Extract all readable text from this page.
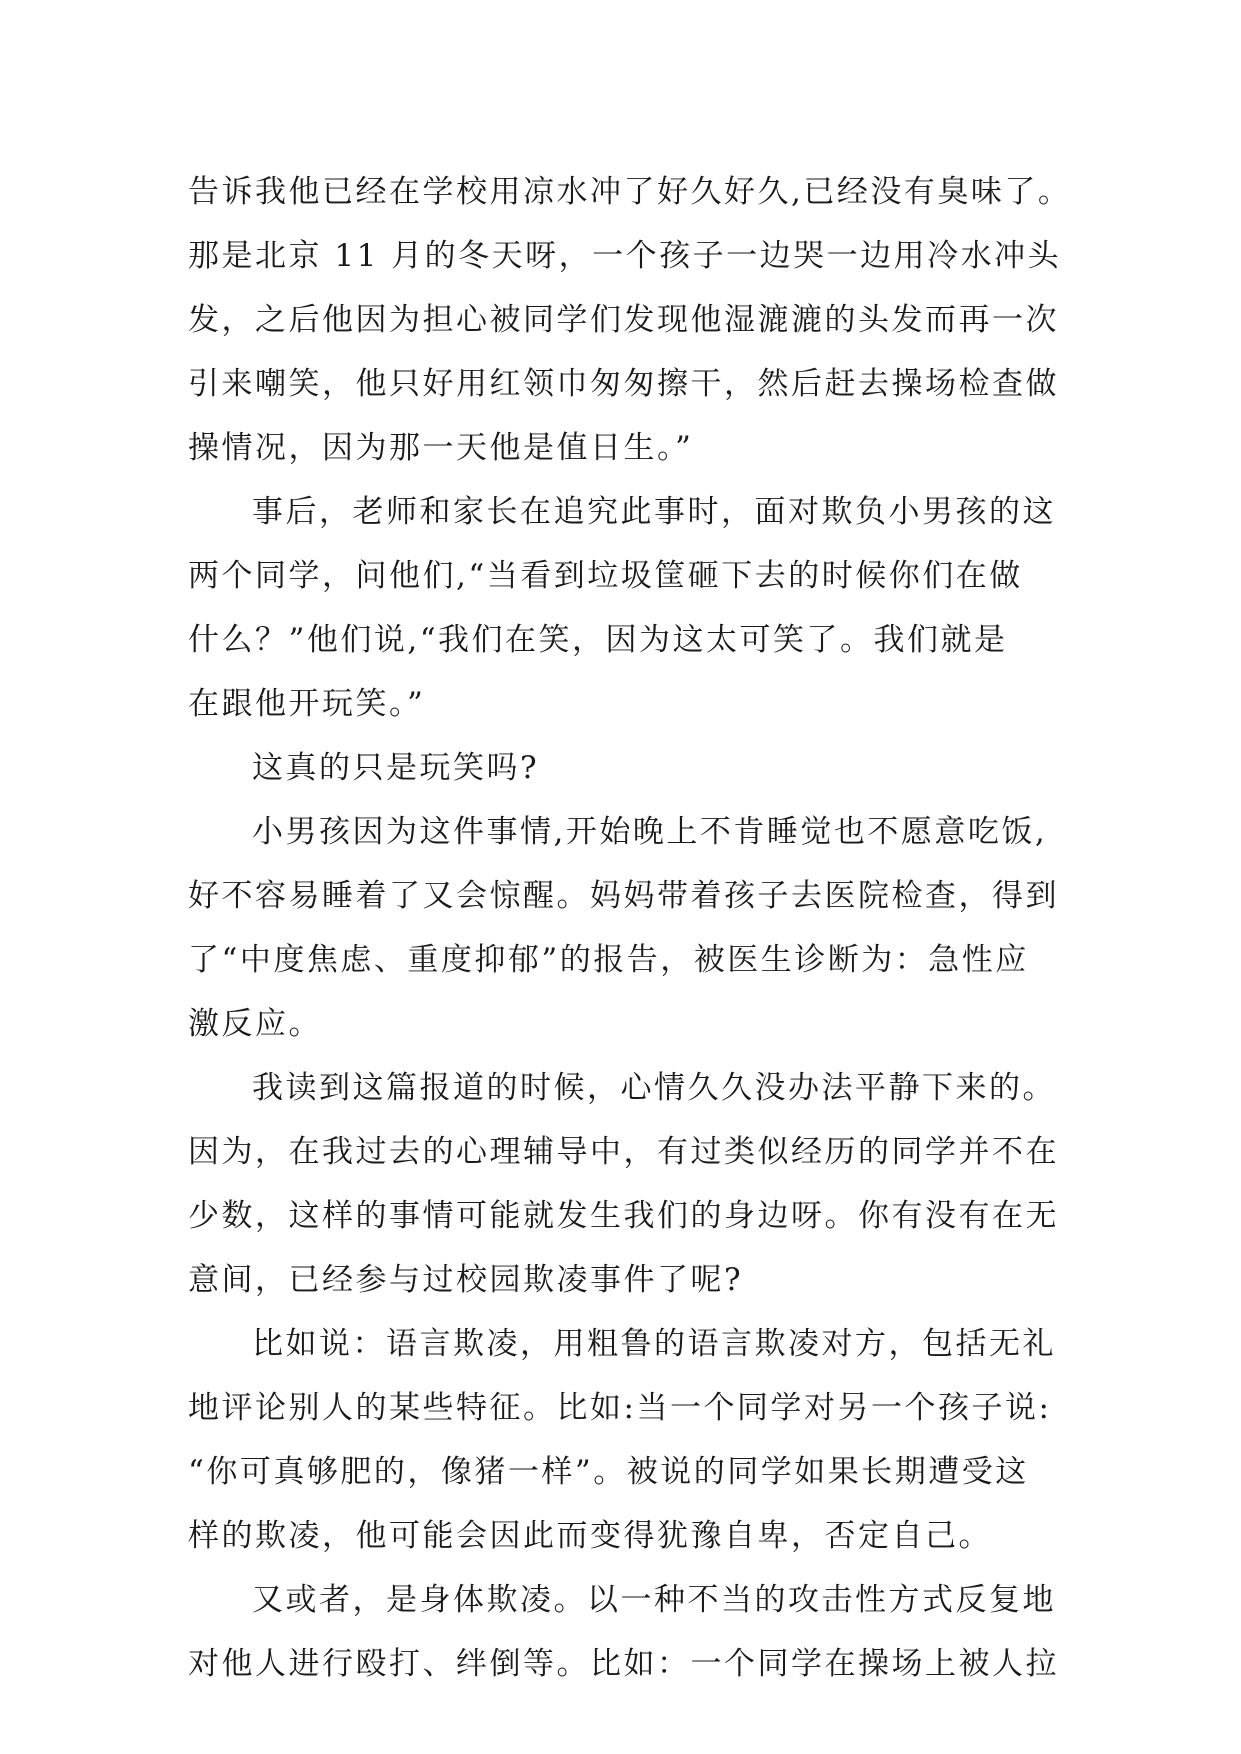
告诉我他已经在学校用凉水冲了好久好久,已经没有臭味了。
那是北京 11 月的冬天呀，一个孩子一边哭一边用冷水冲头
发，之后他因为担心被同学们发现他湿漉漉的头发而再一次
引来嘲笑，他只好用红领巾匆匆擦干，然后赶去操场检查做
操情况，因为那一天他是值日生。”
事后，老师和家长在追究此事时，面对欺负小男孩的这
两个同学，问他们,“当看到垃圾筐砸下去的时候你们在做
什么？”他们说,“我们在笑，因为这太可笑了。我们就是
在跟他开玩笑。”
这真的只是玩笑吗?
小男孩因为这件事情,开始晚上不肯睡觉也不愿意吃饭,
好不容易睡着了又会惊醒。妈妈带着孩子去医院检查，得到
了“中度焦虑、重度抑郁”的报告，被医生诊断为：急性应
激反应。
我读到这篇报道的时候，心情久久没办法平静下来的。
因为，在我过去的心理辅导中，有过类似经历的同学并不在
少数，这样的事情可能就发生我们的身边呀。你有没有在无
意间，已经参与过校园欺凌事件了呢?
比如说：语言欺凌，用粗鲁的语言欺凌对方，包括无礼
地评论别人的某些特征。比如:当一个同学对另一个孩子说:
“你可真够肥的，像猪一样”。被说的同学如果长期遭受这
样的欺凌，他可能会因此而变得犹豫自卑，否定自己。
又或者，是身体欺凌。以一种不当的攻击性方式反复地
对他人进行殴打、绊倒等。比如：一个同学在操场上被人拉
